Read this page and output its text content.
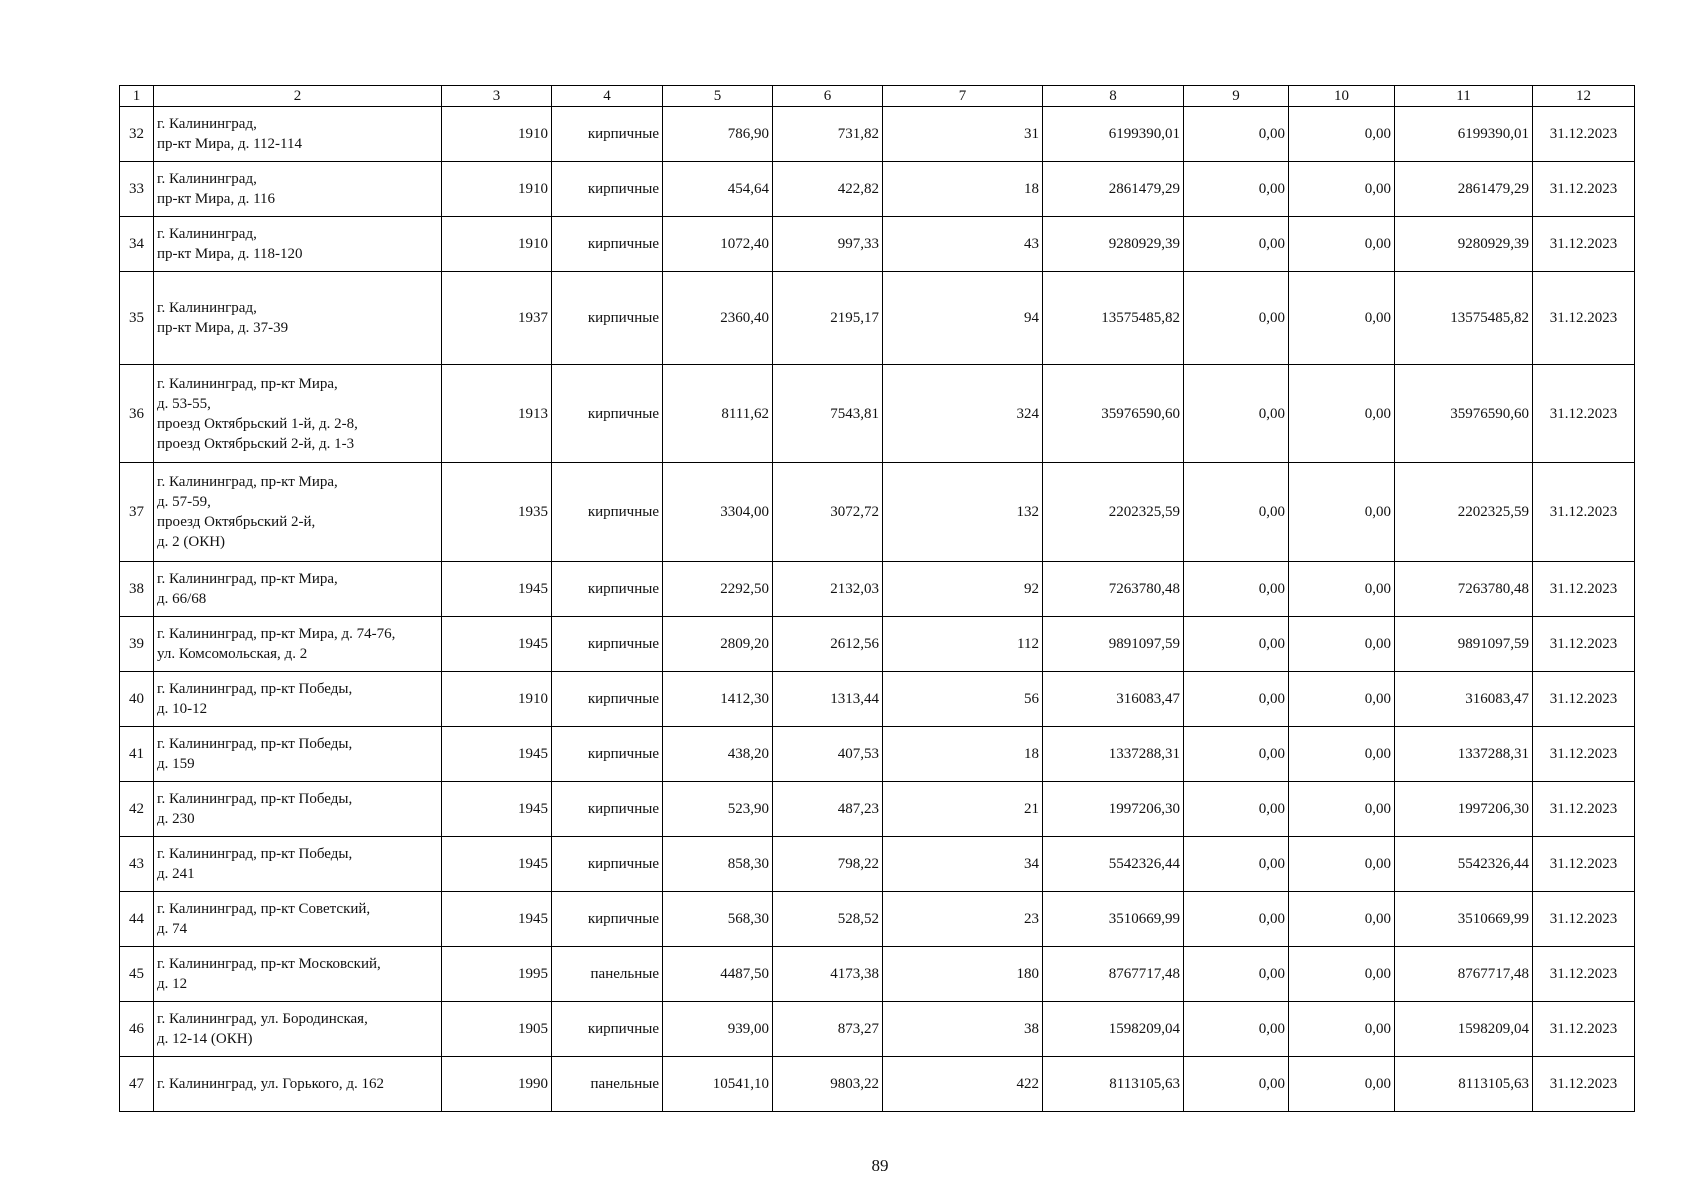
1	2	3	4	5	6	7	8	9	10	11	12
32	г. Калининград,
пр-кт Мира, д. 112-114	1910	кирпичные	786,90	731,82	31	6199390,01	0,00	0,00	6199390,01	31.12.2023
33	г. Калининград,
пр-кт Мира, д. 116	1910	кирпичные	454,64	422,82	18	2861479,29	0,00	0,00	2861479,29	31.12.2023
34	г. Калининград,
пр-кт Мира, д. 118-120	1910	кирпичные	1072,40	997,33	43	9280929,39	0,00	0,00	9280929,39	31.12.2023
35	г. Калининград,
пр-кт Мира, д. 37-39	1937	кирпичные	2360,40	2195,17	94	13575485,82	0,00	0,00	13575485,82	31.12.2023
36	г. Калининград, пр-кт Мира,
д. 53-55,
проезд Октябрьский 1-й, д. 2-8,
проезд Октябрьский 2-й, д. 1-3	1913	кирпичные	8111,62	7543,81	324	35976590,60	0,00	0,00	35976590,60	31.12.2023
37	г. Калининград, пр-кт Мира,
д. 57-59,
проезд Октябрьский 2-й,
д. 2 (ОКН)	1935	кирпичные	3304,00	3072,72	132	2202325,59	0,00	0,00	2202325,59	31.12.2023
38	г. Калининград, пр-кт Мира,
д. 66/68	1945	кирпичные	2292,50	2132,03	92	7263780,48	0,00	0,00	7263780,48	31.12.2023
39	г. Калининград, пр-кт Мира, д. 74-76,
ул. Комсомольская, д. 2	1945	кирпичные	2809,20	2612,56	112	9891097,59	0,00	0,00	9891097,59	31.12.2023
40	г. Калининград, пр-кт Победы,
д. 10-12	1910	кирпичные	1412,30	1313,44	56	316083,47	0,00	0,00	316083,47	31.12.2023
41	г. Калининград, пр-кт Победы,
д. 159	1945	кирпичные	438,20	407,53	18	1337288,31	0,00	0,00	1337288,31	31.12.2023
42	г. Калининград, пр-кт Победы,
д. 230	1945	кирпичные	523,90	487,23	21	1997206,30	0,00	0,00	1997206,30	31.12.2023
43	г. Калининград, пр-кт Победы,
д. 241	1945	кирпичные	858,30	798,22	34	5542326,44	0,00	0,00	5542326,44	31.12.2023
44	г. Калининград, пр-кт Советский,
д. 74	1945	кирпичные	568,30	528,52	23	3510669,99	0,00	0,00	3510669,99	31.12.2023
45	г. Калининград, пр-кт Московский,
д. 12	1995	панельные	4487,50	4173,38	180	8767717,48	0,00	0,00	8767717,48	31.12.2023
46	г. Калининград, ул. Бородинская,
д. 12-14 (ОКН)	1905	кирпичные	939,00	873,27	38	1598209,04	0,00	0,00	1598209,04	31.12.2023
47	г. Калининград, ул. Горького, д. 162	1990	панельные	10541,10	9803,22	422	8113105,63	0,00	0,00	8113105,63	31.12.2023
89
